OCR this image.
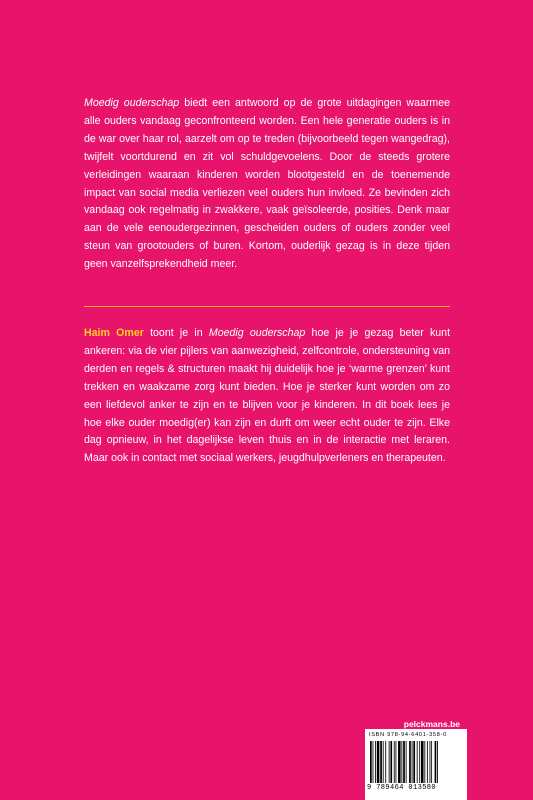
Moedig ouderschap biedt een antwoord op de grote uitdagingen waarmee alle ouders vandaag geconfronteerd worden. Een hele generatie ouders is in de war over haar rol, aarzelt om op te treden (bijvoorbeeld tegen wangedrag), twijfelt voortdurend en zit vol schuldgevoelens. Door de steeds grotere verleidingen waaraan kinderen worden blootgesteld en de toenemende impact van social media verliezen veel ouders hun invloed. Ze bevinden zich vandaag ook regelmatig in zwakkere, vaak geïsoleerde, posities. Denk maar aan de vele eenoudergezinnen, gescheiden ouders of ouders zonder veel steun van grootouders of buren. Kortom, ouderlijk gezag is in deze tijden geen vanzelfsprekendheid meer.

Haim Omer toont je in Moedig ouderschap hoe je je gezag beter kunt ankeren: via de vier pijlers van aanwezigheid, zelfcontrole, ondersteuning van derden en regels & structuren maakt hij duidelijk hoe je ‘warme grenzen’ kunt trekken en waakzame zorg kunt bieden. Hoe je sterker kunt worden om zo een liefdevol anker te zijn en te blijven voor je kinderen. In dit boek lees je hoe elke ouder moedig(er) kan zijn en durft om weer echt ouder te zijn. Elke dag opnieuw, in het dagelijkse leven thuis en in de interactie met leraren. Maar ook in contact met sociaal werkers, jeugdhulpverleners en therapeuten.

pelckmans.be
ISBN 978-94-6401-358-0
9 789464 013580
